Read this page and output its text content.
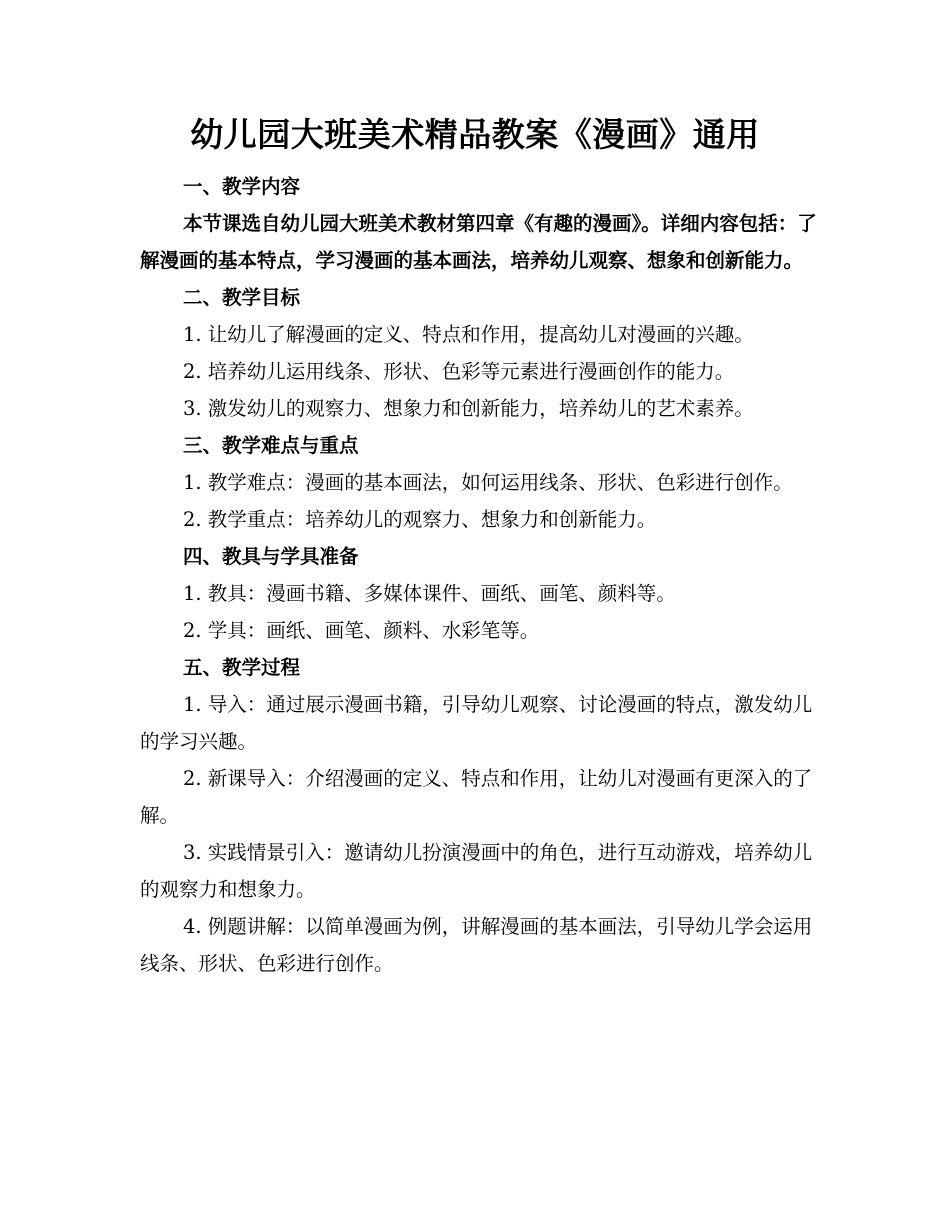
幼儿园大班美术精品教案《漫画》通用

一、教学内容

本节课选自幼儿园大班美术教材第四章《有趣的漫画》。详细内容包括：了解漫画的基本特点，学习漫画的基本画法，培养幼儿观察、想象和创新能力。

二、教学目标

1. 让幼儿了解漫画的定义、特点和作用，提高幼儿对漫画的兴趣。

2. 培养幼儿运用线条、形状、色彩等元素进行漫画创作的能力。

3. 激发幼儿的观察力、想象力和创新能力，培养幼儿的艺术素养。

三、教学难点与重点

1. 教学难点：漫画的基本画法，如何运用线条、形状、色彩进行创作。

2. 教学重点：培养幼儿的观察力、想象力和创新能力。

四、教具与学具准备

1. 教具：漫画书籍、多媒体课件、画纸、画笔、颜料等。

2. 学具：画纸、画笔、颜料、水彩笔等。

五、教学过程

1. 导入：通过展示漫画书籍，引导幼儿观察、讨论漫画的特点，激发幼儿的学习兴趣。

2. 新课导入：介绍漫画的定义、特点和作用，让幼儿对漫画有更深入的了解。

3. 实践情景引入：邀请幼儿扮演漫画中的角色，进行互动游戏，培养幼儿的观察力和想象力。

4. 例题讲解：以简单漫画为例，讲解漫画的基本画法，引导幼儿学会运用线条、形状、色彩进行创作。
